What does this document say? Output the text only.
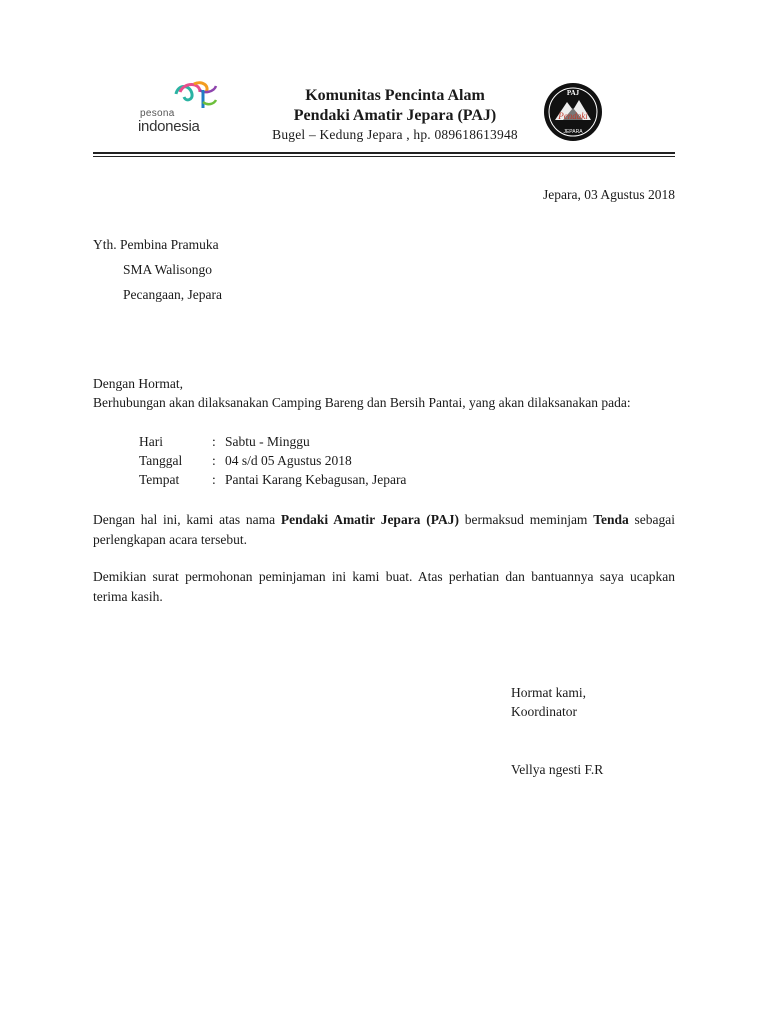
pesona
indonesia
Komunitas Pencinta Alam
Pendaki Amatir Jepara (PAJ)
Bugel – Kedung Jepara , hp. 089618613948
PAJ
Pendaki
JEPARA
Jepara, 03 Agustus 2018
Yth. Pembina Pramuka
SMA Walisongo
Pecangaan, Jepara
Dengan Hormat,
Berhubungan akan dilaksanakan Camping Bareng dan Bersih Pantai, yang akan dilaksanakan pada:
Hari	: Sabtu - Minggu
Tanggal : 04 s/d 05 Agustus 2018
Tempat : Pantai Karang Kebagusan, Jepara
Dengan hal ini, kami atas nama Pendaki Amatir Jepara (PAJ) bermaksud meminjam Tenda sebagai perlengkapan acara tersebut.
Demikian surat permohonan peminjaman ini kami buat. Atas perhatian dan bantuannya saya ucapkan terima kasih.
Hormat kami,
Koordinator
Vellya ngesti F.R
